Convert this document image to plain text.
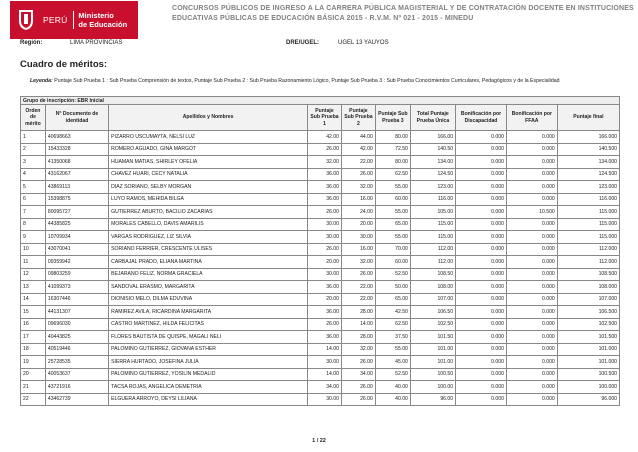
PERÚ Ministerio
de Educación
CONCURSOS PÚBLICOS DE INGRESO A LA CARRERA PÚBLICA MAGISTERIAL Y DE CONTRATACIÓN DOCENTE EN INSTITUCIONES EDUCATIVAS PÚBLICAS DE EDUCACIÓN BÁSICA 2015 - R.V.M. Nº 021 - 2015 - MINEDU
Región:	LIMA PROVINCIAS	DRE/UGEL:	UGEL 13 YAUYOS
Cuadro de méritos:
Leyenda: Puntaje Sub Prueba 1 : Sub Prueba Comprensión de textos, Puntaje Sub Prueba 2 : Sub Prueba Razonamiento Lógico, Puntaje Sub Prueba 3 : Sub Prueba Conocimientos Curriculares, Pedagógicos y de la Especialidad
Grupo de inscripción: EBR Inicial									
Orden de mérito	N° Documento de identidad	Apellidos y Nombres	Puntaje Sub Prueba 1	Puntaje Sub Prueba 2	Puntaje Sub Prueba 3	Total Puntaje Prueba Única	Bonificación por Discapacidad	Bonificación por FFAA	Puntaje final
1	40698663	PIZARRO USCUMAYTA, NELSI LUZ	42.00	44.00	80.00	166.00	0.000	0.000	166.000
2	15433328	ROMERO AGUADO, GINA MARGOT	26.00	42.00	72.50	140.50	0.000	0.000	140.500
3	41350068	HUAMAN MATIAS, SHIRLEY OFELIA	32.00	22.00	80.00	134.00	0.000	0.000	134.000
4	43162067	CHAVEZ HUARI, CECY NATALIA	36.00	26.00	62.50	124.50	0.000	0.000	124.500
5	43869113	DIAZ SORIANO, SELBY MORGAN	36.00	32.00	55.00	123.00	0.000	0.000	123.000
6	15398875	LUYO RAMOS, MEHIDA BILGA	36.00	16.00	60.00	116.00	0.000	0.000	116.000
7	80095727	GUTIERREZ ABURTO, BACILIO ZACARIAS	26.00	24.00	55.00	105.00	0.000	10.500	115.000
8	44385825	MORALES CABELLO, DAVIS AMARILIS	30.00	20.00	65.00	115.00	0.000	0.000	115.000
9	10709934	VARGAS RODRIGUEZ, LIZ SILVIA	30.00	30.00	55.00	115.00	0.000	0.000	115.000
10	43070041	SORIANO FERRIER, CRESCENTE ULISES	26.00	16.00	70.00	112.00	0.000	0.000	112.000
11	09359942	CARBAJAL PRADO, ELIANA MARTINA	20.00	32.00	60.00	112.00	0.000	0.000	112.000
12	09803259	BEJARANO FELIZ, NORMA GRACIELA	30.00	26.00	52.50	108.50	0.000	0.000	108.500
13	41099373	SANDOVAL ERASMO, MARGARITA	36.00	22.00	50.00	108.00	0.000	0.000	108.000
14	16307446	DIONISIO MELO, DILMA EDUVINA	20.00	22.00	65.00	107.00	0.000	0.000	107.000
15	44131307	RAMIREZ AVILA, RICARDINA MARGARITA	36.00	28.00	42.50	106.50	0.000	0.000	106.500
16	09696030	CASTRO MARTINEZ, HILDA FELICITAS	26.00	14.00	62.50	102.50	0.000	0.000	102.500
17	40443825	FLORES BAUTISTA DE QUISPE, MAGALI NELI	36.00	28.00	37.50	101.50	0.000	0.000	101.500
18	40519446	PALOMINO GUTIERREZ, GIOVANA ESTHER	14.00	32.00	55.00	101.00	0.000	0.000	101.000
19	25728535	SIERRA HURTADO, JOSEFINA JULIA	30.00	26.00	45.00	101.00	0.000	0.000	101.000
20	40053637	PALOMINO GUTIERREZ, YOSILIN MEDALID	14.00	34.00	52.50	100.50	0.000	0.000	100.500
21	43721916	TACSA ROJAS, ANGELICA DEMETRIA	34.00	26.00	40.00	100.00	0.000	0.000	100.000
22	43462739	ELGUERA ARROYO, DEYSI LILIANA	30.00	26.00	40.00	96.00	0.000	0.000	96.000
1 / 22
